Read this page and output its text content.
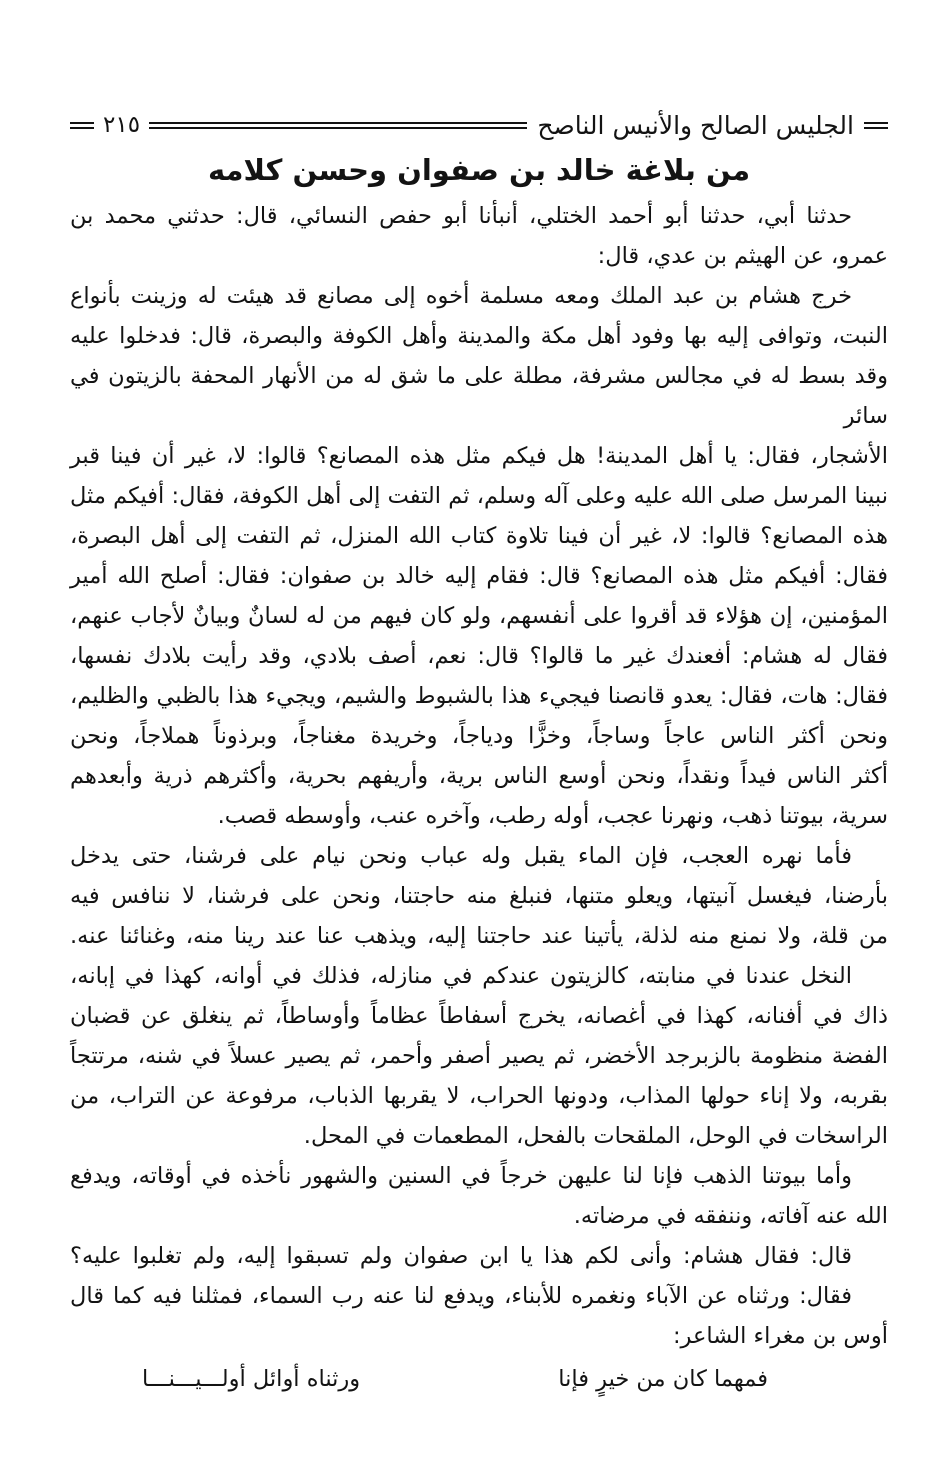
الجليس الصالح والأنيس الناصح
٢١٥
من بلاغة خالد بن صفوان وحسن كلامه
حدثنا أبي، حدثنا أبو أحمد الختلي، أنبأنا أبو حفص النسائي، قال: حدثني محمد بن
عمرو، عن الهيثم بن عدي، قال:
خرج هشام بن عبد الملك ومعه مسلمة أخوه إلى مصانع قد هيئت له وزينت بأنواع
النبت، وتوافى إليه بها وفود أهل مكة والمدينة وأهل الكوفة والبصرة، قال: فدخلوا عليه
وقد بسط له في مجالس مشرفة، مطلة على ما شق له من الأنهار المحفة بالزيتون في سائر
الأشجار، فقال: يا أهل المدينة! هل فيكم مثل هذه المصانع؟ قالوا: لا، غير أن فينا قبر
نبينا المرسل صلى الله عليه وعلى آله وسلم، ثم التفت إلى أهل الكوفة، فقال: أفيكم مثل
هذه المصانع؟ قالوا: لا، غير أن فينا تلاوة كتاب الله المنزل، ثم التفت إلى أهل البصرة،
فقال: أفيكم مثل هذه المصانع؟ قال: فقام إليه خالد بن صفوان: فقال: أصلح الله أمير
المؤمنين، إن هؤلاء قد أقروا على أنفسهم، ولو كان فيهم من له لسانٌ وبيانٌ لأجاب عنهم،
فقال له هشام: أفعندك غير ما قالوا؟ قال: نعم، أصف بلادي، وقد رأيت بلادك نفسها،
فقال: هات، فقال: يعدو قانصنا فيجيء هذا بالشبوط والشيم، ويجيء هذا بالظبي والظليم،
ونحن أكثر الناس عاجاً وساجاً، وخزًّا ودياجاً، وخريدة مغناجاً، وبرذوناً هملاجاً، ونحن
أكثر الناس فيداً ونقداً، ونحن أوسع الناس برية، وأريفهم بحرية، وأكثرهم ذرية وأبعدهم
سرية، بيوتنا ذهب، ونهرنا عجب، أوله رطب، وآخره عنب، وأوسطه قصب.
فأما نهره العجب، فإن الماء يقبل وله عباب ونحن نيام على فرشنا، حتى يدخل
بأرضنا، فيغسل آنيتها، ويعلو متنها، فنبلغ منه حاجتنا، ونحن على فرشنا، لا ننافس فيه
من قلة، ولا نمنع منه لذلة، يأتينا عند حاجتنا إليه، ويذهب عنا عند رينا منه، وغنائنا عنه.
النخل عندنا في منابته، كالزيتون عندكم في منازله، فذلك في أوانه، كهذا في إبانه،
ذاك في أفنانه، كهذا في أغصانه، يخرج أسفاطاً عظاماً وأوساطاً، ثم ينغلق عن قضبان
الفضة منظومة بالزبرجد الأخضر، ثم يصير أصفر وأحمر، ثم يصير عسلاً في شنه، مرتتجاً
بقربه، ولا إناء حولها المذاب، ودونها الحراب، لا يقربها الذباب، مرفوعة عن التراب، من
الراسخات في الوحل، الملقحات بالفحل، المطعمات في المحل.
وأما بيوتنا الذهب فإنا لنا عليهن خرجاً في السنين والشهور نأخذه في أوقاته، ويدفع
الله عنه آفاته، وننفقه في مرضاته.
قال: فقال هشام: وأنى لكم هذا يا ابن صفوان ولم تسبقوا إليه، ولم تغلبوا عليه؟
فقال: ورثناه عن الآباء ونغمره للأبناء، ويدفع لنا عنه رب السماء، فمثلنا فيه كما قال
أوس بن مغراء الشاعر:
فمهما كان من خيرٍ فإنا
ورثناه أوائل أولـــيـــنـــا
